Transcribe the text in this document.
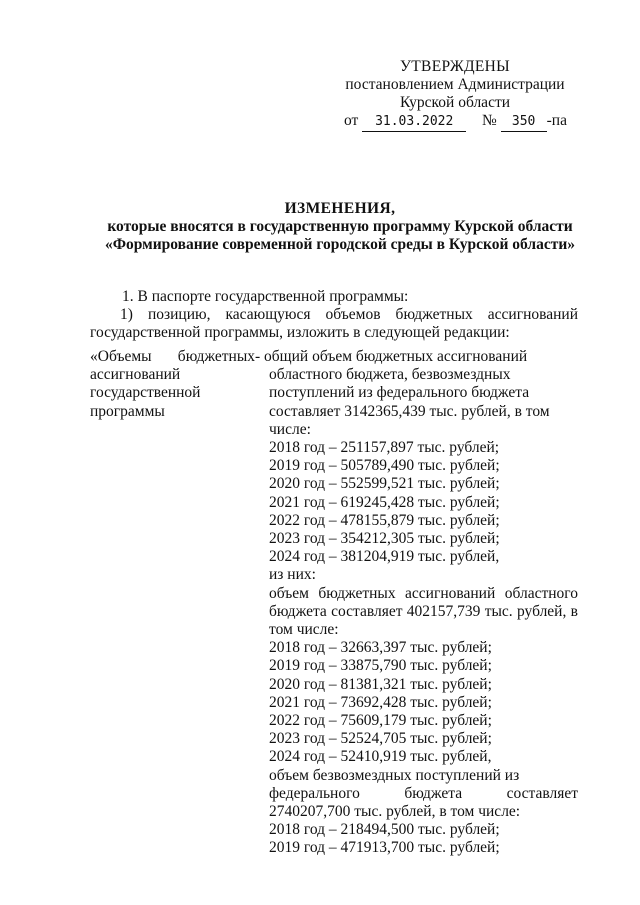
УТВЕРЖДЕНЫ
постановлением Администрации
Курской области
от 31.03.2022 № 350 -па
ИЗМЕНЕНИЯ,
которые вносятся в государственную программу Курской области
«Формирование современной городской среды в Курской области»
1. В паспорте государственной программы:
1) позицию, касающуюся объемов бюджетных ассигнований
государственной программы, изложить в следующей редакции:
«Объемы бюджетных
ассигнований
государственной
программы
- общий объем бюджетных ассигнований
областного бюджета, безвозмездных
поступлений из федерального бюджета
составляет 3142365,439 тыс. рублей, в том
числе:
2018 год – 251157,897 тыс. рублей;
2019 год – 505789,490 тыс. рублей;
2020 год – 552599,521 тыс. рублей;
2021 год – 619245,428 тыс. рублей;
2022 год – 478155,879 тыс. рублей;
2023 год – 354212,305 тыс. рублей;
2024 год – 381204,919 тыс. рублей,
из них:
объем бюджетных ассигнований областного
бюджета составляет 402157,739 тыс. рублей, в
том числе:
2018 год – 32663,397 тыс. рублей;
2019 год – 33875,790 тыс. рублей;
2020 год – 81381,321 тыс. рублей;
2021 год – 73692,428 тыс. рублей;
2022 год – 75609,179 тыс. рублей;
2023 год – 52524,705 тыс. рублей;
2024 год – 52410,919 тыс. рублей,
объем безвозмездных поступлений из
федерального бюджета составляет
2740207,700 тыс. рублей, в том числе:
2018 год – 218494,500 тыс. рублей;
2019 год – 471913,700 тыс. рублей;
